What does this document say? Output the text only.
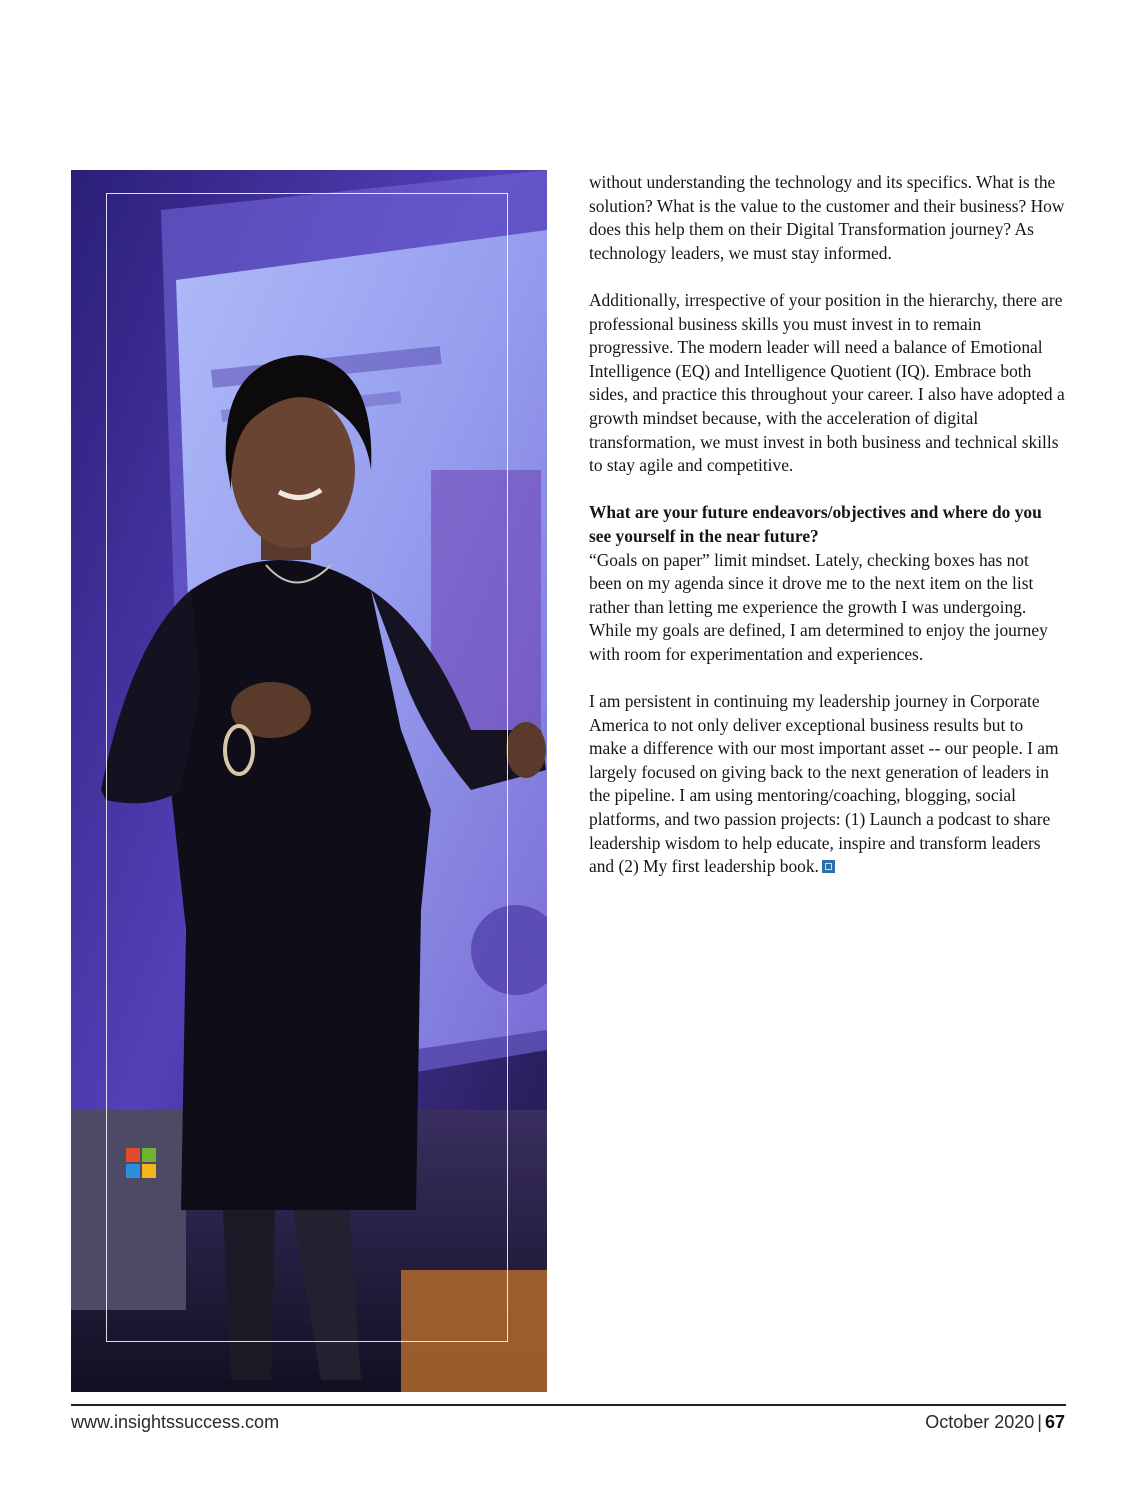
without understanding the technology and its specifics. What is the solution? What is the value to the customer and their business? How does this help them on their Digital Transformation journey? As technology leaders, we must stay informed.

Additionally, irrespective of your position in the hierarchy, there are professional business skills you must invest in to remain progressive. The modern leader will need a balance of Emotional Intelligence (EQ) and Intelligence Quotient (IQ). Embrace both sides, and practice this throughout your career. I also have adopted a growth mindset because, with the acceleration of digital transformation, we must invest in both business and technical skills to stay agile and competitive.

What are your future endeavors/objectives and where do you see yourself in the near future?

“Goals on paper” limit mindset. Lately, checking boxes has not been on my agenda since it drove me to the next item on the list rather than letting me experience the growth I was undergoing. While my goals are defined, I am determined to enjoy the journey with room for experimentation and experiences.

I am persistent in continuing my leadership journey in Corporate America to not only deliver exceptional business results but to make a difference with our most important asset -- our people. I am largely focused on giving back to the next generation of leaders in the pipeline. I am using mentoring/coaching, blogging, social platforms, and two passion projects: (1) Launch a podcast to share leadership wisdom to help educate, inspire and transform leaders and (2) My first leadership book.

www.insightssuccess.com	October 2020 | 67
